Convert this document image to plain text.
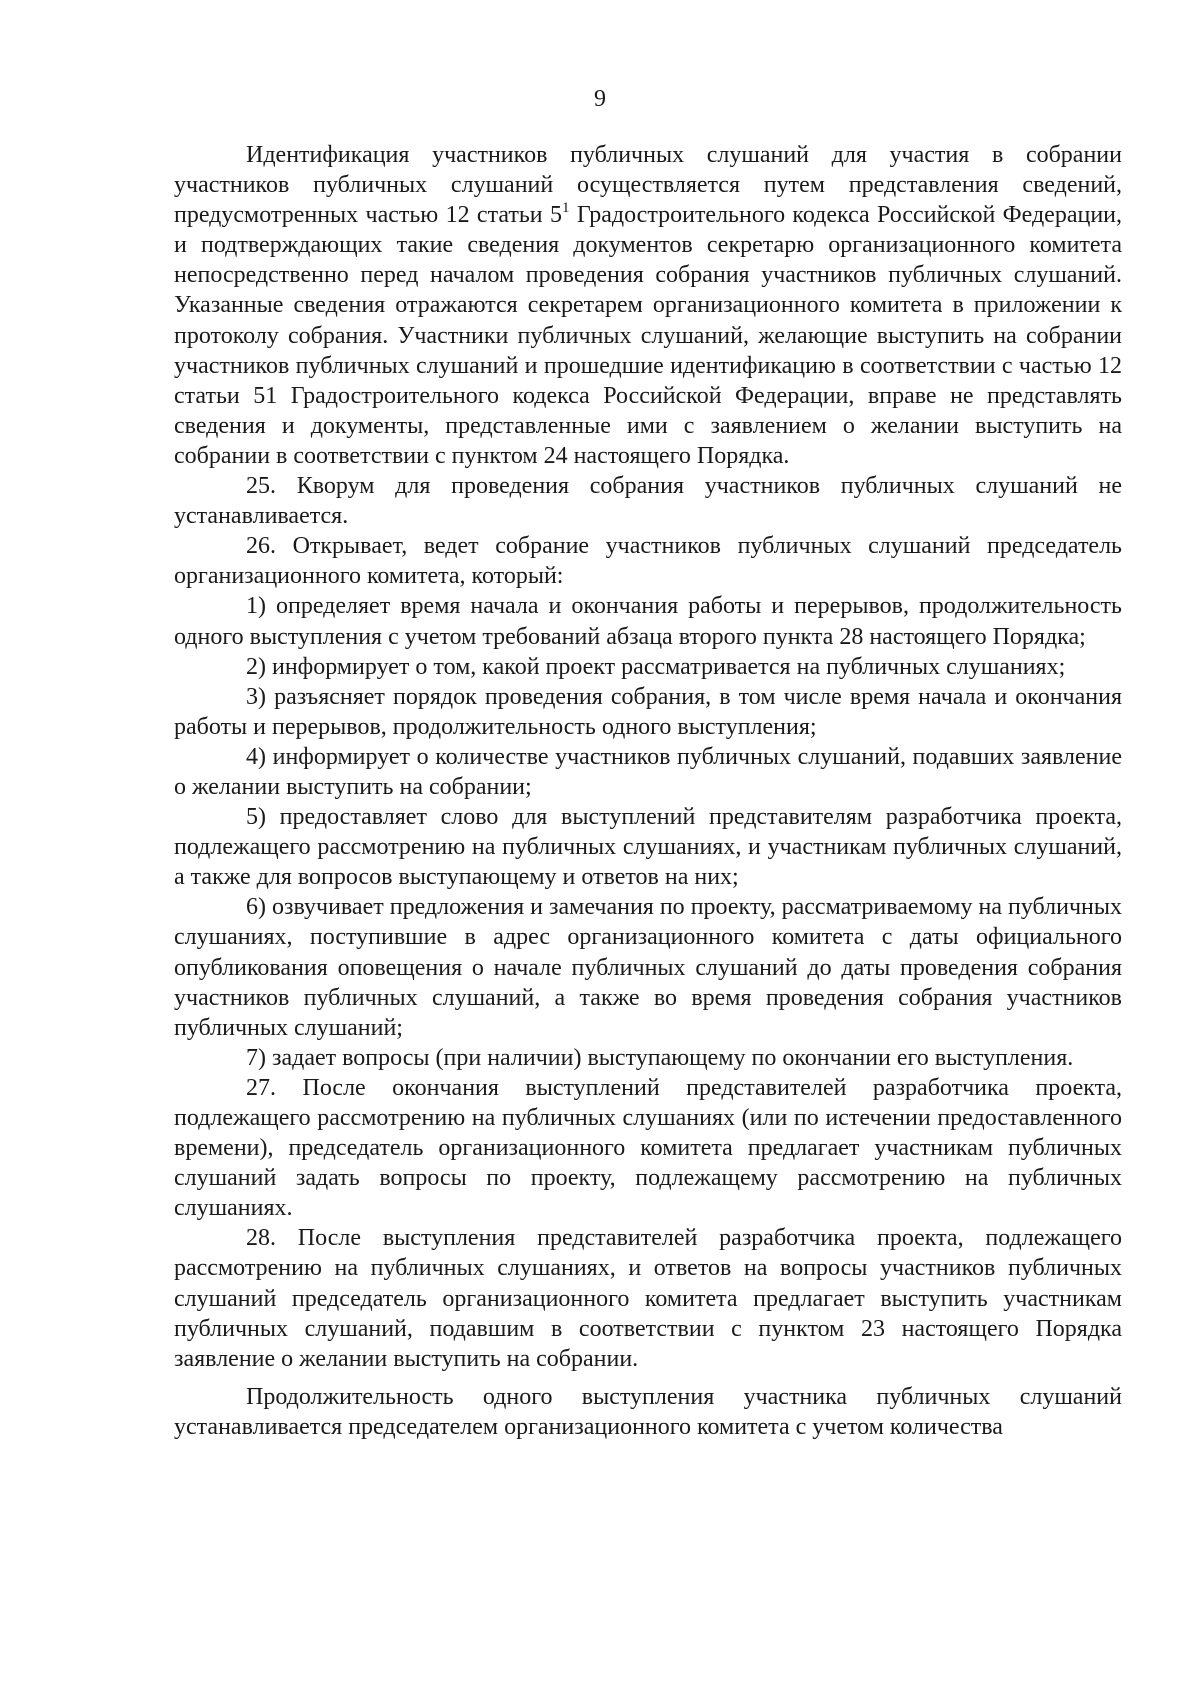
9

Идентификация участников публичных слушаний для участия в собрании участников публичных слушаний осуществляется путем представления сведений, предусмотренных частью 12 статьи $5^1$ Градостроительного кодекса Российской Федерации, и подтверждающих такие сведения документов секретарю организационного комитета непосредственно перед началом проведения собрания участников публичных слушаний. Указанные сведения отражаются секретарем организационного комитета в приложении к протоколу собрания. Участники публичных слушаний, желающие выступить на собрании участников публичных слушаний и прошедшие идентификацию в соответствии с частью 12 статьи 51 Градостроительного кодекса Российской Федерации, вправе не представлять сведения и документы, представленные ими с заявлением о желании выступить на собрании в соответствии с пунктом 24 настоящего Порядка.

25. Кворум для проведения собрания участников публичных слушаний не устанавливается.

26. Открывает, ведет собрание участников публичных слушаний председатель организационного комитета, который:

1) определяет время начала и окончания работы и перерывов, продолжительность одного выступления с учетом требований абзаца второго пункта 28 настоящего Порядка;

2) информирует о том, какой проект рассматривается на публичных слушаниях;

3) разъясняет порядок проведения собрания, в том числе время начала и окончания работы и перерывов, продолжительность одного выступления;

4) информирует о количестве участников публичных слушаний, подавших заявление о желании выступить на собрании;

5) предоставляет слово для выступлений представителям разработчика проекта, подлежащего рассмотрению на публичных слушаниях, и участникам публичных слушаний, а также для вопросов выступающему и ответов на них;

6) озвучивает предложения и замечания по проекту, рассматриваемому на публичных слушаниях, поступившие в адрес организационного комитета с даты официального опубликования оповещения о начале публичных слушаний до даты проведения собрания участников публичных слушаний, а также во время проведения собрания участников публичных слушаний;

7) задает вопросы (при наличии) выступающему по окончании его выступления.

27. После окончания выступлений представителей разработчика проекта, подлежащего рассмотрению на публичных слушаниях (или по истечении предоставленного времени), председатель организационного комитета предлагает участникам публичных слушаний задать вопросы по проекту, подлежащему рассмотрению на публичных слушаниях.

28. После выступления представителей разработчика проекта, подлежащего рассмотрению на публичных слушаниях, и ответов на вопросы участников публичных слушаний председатель организационного комитета предлагает выступить участникам публичных слушаний, подавшим в соответствии с пунктом 23 настоящего Порядка заявление о желании выступить на собрании.

Продолжительность одного выступления участника публичных слушаний устанавливается председателем организационного комитета с учетом количества
